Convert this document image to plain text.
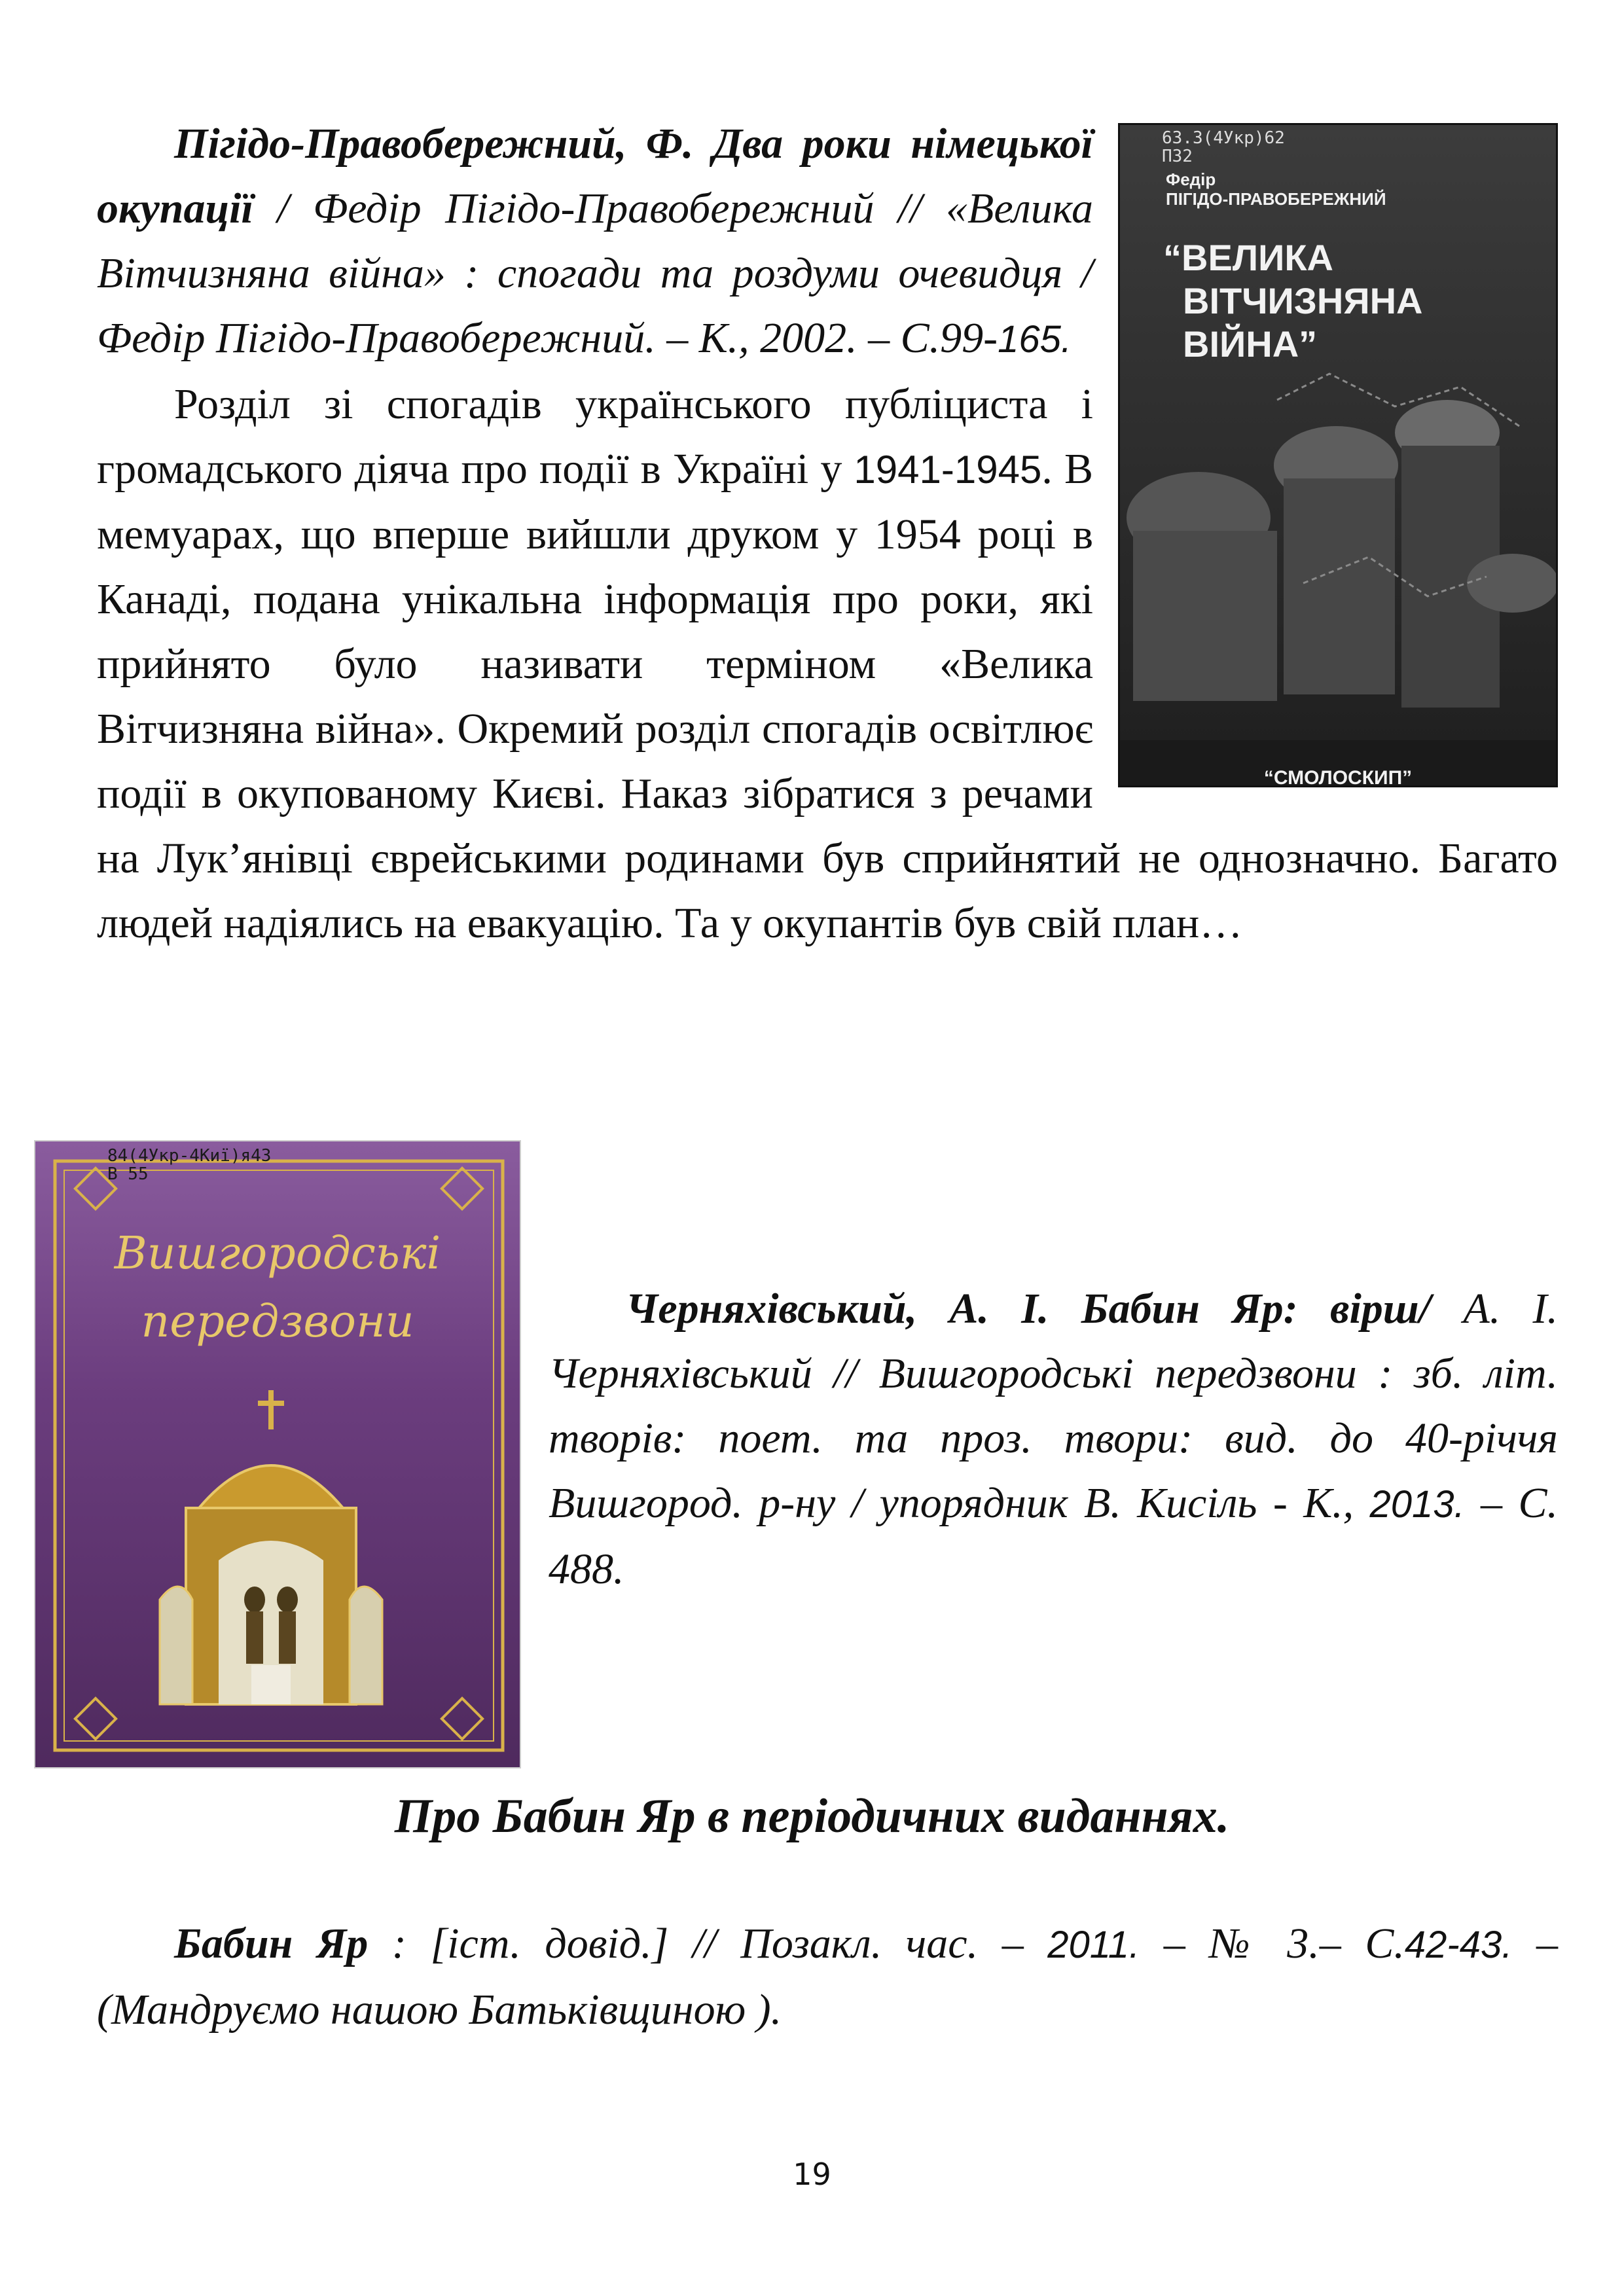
63.3(4Укр)62
П32
Федір
ПІГІДО-ПРАВОБЕРЕЖНИЙ
“ВЕЛИКА
ВІТЧИЗНЯНА
ВІЙНА”
“СМОЛОСКИП”

Пігідо-Правобережний, Ф. Два роки німецької окупації / Федір Пігідо-Правобережний // «Велика Вітчизняна війна» : спогади та роздуми очевидця / Федір Пігідо-Правобережний. – К., 2002. – С.99-165.

Розділ зі спогадів українського публіциста і громадського діяча про події в Україні у 1941-1945. В мемуарах, що вперше вийшли друком у 1954 році в Канаді, подана унікальна інформація про роки, які прийнято було називати терміном «Велика Вітчизняна війна». Окремий розділ спогадів освітлює події в окупованому Києві. Наказ зібратися з речами на Лук’янівці єврейськими родинами був сприйнятий не однозначно. Багато людей надіялись на евакуацію. Та у окупантів був свій план…

84(4Укр-4Киї)я43
В 55
Вишгородські
передзвони	Черняхівський, А. І. Бабин Яр: вірш/ А. І. Черняхівський // Вишгородські передзвони : зб. літ. творів: поет. та проз. твори: вид. до 40-річчя Вишгород. р-ну / упорядник В. Кисіль - К., 2013. – С. 488.

Про Бабин Яр в періодичних виданнях.

Бабин Яр : [іст. довід.] // Позакл. час. – 2011. – № 3.– С.42-43. – (Мандруємо нашою Батьківщиною ).

19
